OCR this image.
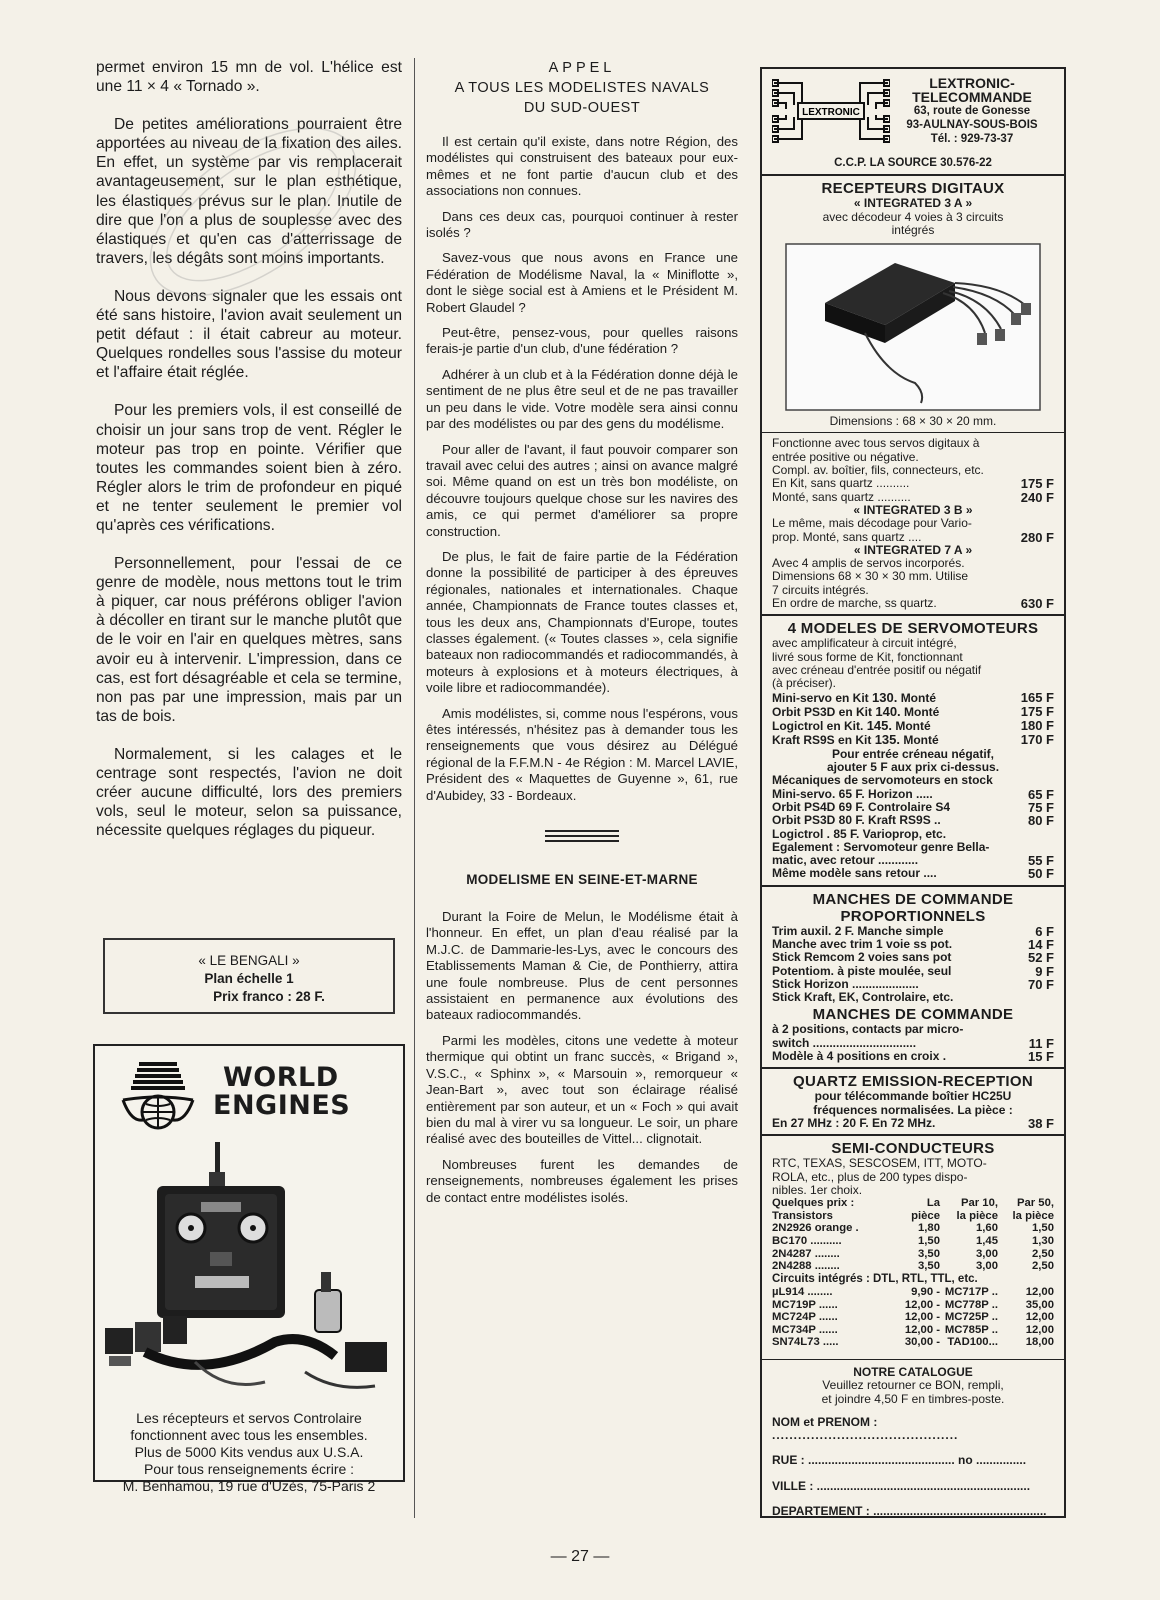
permet environ 15 mn de vol. L'hélice est une 11 × 4 « Tornado ».

De petites améliorations pourraient être apportées au niveau de la fixation des ailes. En effet, un système par vis remplacerait avantageusement, sur le plan esthétique, les élastiques prévus sur le plan. Inutile de dire que l'on a plus de souplesse avec des élastiques et qu'en cas d'atterrissage de travers, les dégâts sont moins importants.

Nous devons signaler que les essais ont été sans histoire, l'avion avait seulement un petit défaut : il était cabreur au moteur. Quelques rondelles sous l'assise du moteur et l'affaire était réglée.

Pour les premiers vols, il est conseillé de choisir un jour sans trop de vent. Régler le moteur pas trop en pointe. Vérifier que toutes les commandes soient bien à zéro. Régler alors le trim de profondeur en piqué et ne tenter seulement le premier vol qu'après ces vérifications.

Personnellement, pour l'essai de ce genre de modèle, nous mettons tout le trim à piquer, car nous préférons obliger l'avion à décoller en tirant sur le manche plutôt que de le voir en l'air en quelques mètres, sans avoir eu à intervenir. L'impression, dans ce cas, est fort désagréable et cela se termine, non pas par une impression, mais par un tas de bois.

Normalement, si les calages et le centrage sont respectés, l'avion ne doit créer aucune difficulté, lors des premiers vols, seul le moteur, selon sa puissance, nécessite quelques réglages du piqueur.

« LE BENGALI »
Plan échelle 1
Prix franco : 28 F.
WORLD
ENGINES
Les récepteurs et servos Controlaire
fonctionnent avec tous les ensembles.
Plus de 5000 Kits vendus aux U.S.A.
Pour tous renseignements écrire :
M. Benhamou, 19 rue d'Uzès, 75-Paris 2
APPEL
A TOUS LES MODELISTES NAVALS
DU SUD-OUEST

Il est certain qu'il existe, dans notre Région, des modélistes qui construisent des bateaux pour eux-mêmes et ne font partie d'aucun club et des associations non connues.

Dans ces deux cas, pourquoi continuer à rester isolés ?

Savez-vous que nous avons en France une Fédération de Modélisme Naval, la « Miniflotte », dont le siège social est à Amiens et le Président M. Robert Glaudel ?

Peut-être, pensez-vous, pour quelles raisons ferais-je partie d'un club, d'une fédération ?

Adhérer à un club et à la Fédération donne déjà le sentiment de ne plus être seul et de ne pas travailler un peu dans le vide. Votre modèle sera ainsi connu par des modélistes ou par des gens du modélisme.

Pour aller de l'avant, il faut pouvoir comparer son travail avec celui des autres ; ainsi on avance malgré soi. Même quand on est un très bon modéliste, on découvre toujours quelque chose sur les navires des amis, ce qui permet d'améliorer sa propre construction.

De plus, le fait de faire partie de la Fédération donne la possibilité de participer à des épreuves régionales, nationales et internationales. Chaque année, Championnats de France toutes classes et, tous les deux ans, Championnats d'Europe, toutes classes également. (« Toutes classes », cela signifie bateaux non radiocommandés et radiocommandés, à moteurs à explosions et à moteurs électriques, à voile libre et radiocommandée).

Amis modélistes, si, comme nous l'espérons, vous êtes intéressés, n'hésitez pas à demander tous les renseignements que vous désirez au Délégué régional de la F.F.M.N - 4e Région : M. Marcel LAVIE, Président des « Maquettes de Guyenne », 61, rue d'Aubidey, 33 - Bordeaux.

MODELISME EN SEINE-ET-MARNE

Durant la Foire de Melun, le Modélisme était à l'honneur. En effet, un plan d'eau réalisé par la M.J.C. de Dammarie-les-Lys, avec le concours des Etablissements Maman & Cie, de Ponthierry, attira une foule nombreuse. Plus de cent personnes assistaient en permanence aux évolutions des bateaux radiocommandés.

Parmi les modèles, citons une vedette à moteur thermique qui obtint un franc succès, « Brigand », V.S.C., « Sphinx », « Marsouin », remorqueur « Jean-Bart », avec tout son éclairage réalisé entièrement par son auteur, et un « Foch » qui avait bien du mal à virer vu sa longueur. Le soir, un phare réalisé avec des bouteilles de Vittel... clignotait.

Nombreuses furent les demandes de renseignements, nombreuses également les prises de contact entre modélistes isolés.

LEXTRONIC
LEXTRONIC-
TELECOMMANDE
63, route de Gonesse
93-AULNAY-SOUS-BOIS
Tél. : 929-73-37
C.C.P. LA SOURCE 30.576-22
RECEPTEURS DIGITAUX
« INTEGRATED 3 A »
avec décodeur 4 voies à 3 circuits
intégrés
Dimensions : 68 × 30 × 20 mm.
Fonctionne avec tous servos digitaux à
entrée positive ou négative.
Compl. av. boîtier, fils, connecteurs, etc.
En Kit, sans quartz ..........	175 F
Monté, sans quartz ..........	240 F
« INTEGRATED 3 B »
Le même, mais décodage pour Vario-
prop. Monté, sans quartz ....	280 F
« INTEGRATED 7 A »
Avec 4 amplis de servos incorporés.
Dimensions 68 × 30 × 30 mm. Utilise
7 circuits intégrés.
En ordre de marche, ss quartz.	630 F
4 MODELES DE SERVOMOTEURS
avec amplificateur à circuit intégré,
livré sous forme de Kit, fonctionnant
avec créneau d'entrée positif ou négatif
(à préciser).
Mini-servo en Kit 130. Monté	165 F
Orbit PS3D en Kit 140. Monté	175 F
Logictrol en Kit. 145. Monté	180 F
Kraft RS9S en Kit 135. Monté	170 F
Pour entrée créneau négatif,
ajouter 5 F aux prix ci-dessus.
Mécaniques de servomoteurs en stock
Mini-servo. 65 F. Horizon .....	65 F
Orbit PS4D 69 F. Controlaire S4	75 F
Orbit PS3D 80 F. Kraft RS9S ..	80 F
Logictrol . 85 F. Varioprop, etc.
Egalement : Servomoteur genre Bella-
matic, avec retour ............	55 F
Même modèle sans retour ....	50 F
MANCHES DE COMMANDE
PROPORTIONNELS
Trim auxil. 2 F. Manche simple	6 F
Manche avec trim 1 voie ss pot.	14 F
Stick Remcom 2 voies sans pot	52 F
Potentiom. à piste moulée, seul	9 F
Stick Horizon ....................	70 F
Stick Kraft, EK, Controlaire, etc.
MANCHES DE COMMANDE
à 2 positions, contacts par micro-
switch ...............................	11 F
Modèle à 4 positions en croix .	15 F
QUARTZ EMISSION-RECEPTION
pour télécommande boîtier HC25U
fréquences normalisées. La pièce :
En 27 MHz : 20 F. En 72 MHz.	38 F
SEMI-CONDUCTEURS
RTC, TEXAS, SESCOSEM, ITT, MOTO-
ROLA, etc., plus de 200 types dispo-
nibles. 1er choix.
Quelques prix :	La	Par 10,	Par 50,
Transistors	pièce	la pièce	la pièce
2N2926 orange .	1,80	1,60	1,50
BC170 ..........	1,50	1,45	1,30
2N4287 ........	3,50	3,00	2,50
2N4288 ........	3,50	3,00	2,50
Circuits intégrés : DTL, RTL, TTL, etc.
µL914 ........	9,90 - MC717P ..	12,00
MC719P ......	12,00 - MC778P ..	35,00
MC724P ......	12,00 - MC725P ..	12,00
MC734P ......	12,00 - MC785P ..	12,00
SN74L73 .....	30,00 - TAD100...	18,00
NOTRE CATALOGUE
Veuillez retourner ce BON, rempli,
et joindre 4,50 F en timbres-poste.
NOM et PRENOM : ...........................................
RUE : ............................................ no ...............
VILLE : ................................................................
DEPARTEMENT : ....................................................
— 27 —
